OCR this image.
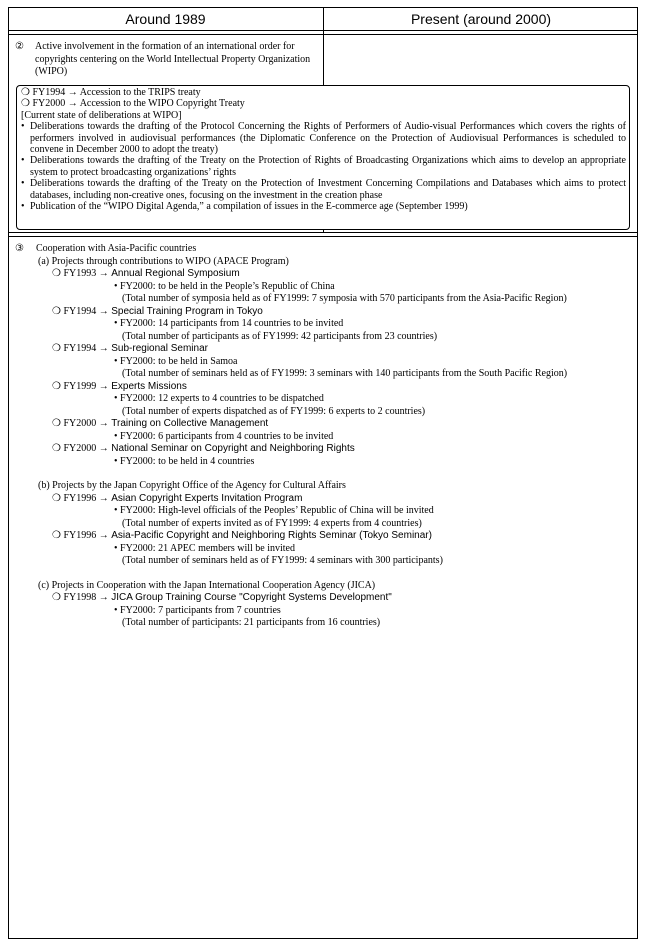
Around 1989	Present (around 2000)
② Active involvement in the formation of an international order for copyrights centering on the World Intellectual Property Organization (WIPO)
❍ FY1994 → Accession to the TRIPS treaty
❍ FY2000 → Accession to the WIPO Copyright Treaty
[Current state of deliberations at WIPO]
• Deliberations towards the drafting of the Protocol Concerning the Rights of Performers of Audio-visual Performances which covers the rights of performers involved in audiovisual performances (the Diplomatic Conference on the Protection of Audiovisual Performances is scheduled to convene in December 2000 to adopt the treaty)
• Deliberations towards the drafting of the Treaty on the Protection of Rights of Broadcasting Organizations which aims to develop an appropriate system to protect broadcasting organizations’ rights
• Deliberations towards the drafting of the Treaty on the Protection of Investment Concerning Compilations and Databases which aims to protect databases, including non-creative ones, focusing on the investment in the creation phase
• Publication of the “WIPO Digital Agenda,” a compilation of issues in the E-commerce age (September 1999)
③	Cooperation with Asia-Pacific countries
(a) Projects through contributions to WIPO (APACE Program)
❍ FY1993 → Annual Regional Symposium
• FY2000: to be held in the People’s Republic of China
(Total number of symposia held as of FY1999: 7 symposia with 570 participants from the Asia-Pacific Region)
❍ FY1994 → Special Training Program in Tokyo
• FY2000: 14 participants from 14 countries to be invited
(Total number of participants as of FY1999: 42 participants from 23 countries)
❍ FY1994 → Sub-regional Seminar
• FY2000: to be held in Samoa
(Total number of seminars held as of FY1999: 3 seminars with 140 participants from the South Pacific Region)
❍ FY1999 → Experts Missions
• FY2000: 12 experts to 4 countries to be dispatched
(Total number of experts dispatched as of FY1999: 6 experts to 2 countries)
❍ FY2000 → Training on Collective Management
• FY2000: 6 participants from 4 countries to be invited
❍ FY2000 → National Seminar on Copyright and Neighboring Rights
• FY2000: to be held in 4 countries
(b) Projects by the Japan Copyright Office of the Agency for Cultural Affairs
❍ FY1996 → Asian Copyright Experts Invitation Program
• FY2000: High-level officials of the Peoples’ Republic of China will be invited
(Total number of experts invited as of FY1999: 4 experts from 4 countries)
❍ FY1996 → Asia-Pacific Copyright and Neighboring Rights Seminar (Tokyo Seminar)
• FY2000: 21 APEC members will be invited
(Total number of seminars held as of FY1999: 4 seminars with 300 participants)
(c) Projects in Cooperation with the Japan International Cooperation Agency (JICA)
❍ FY1998 → JICA Group Training Course "Copyright Systems Development"
• FY2000: 7 participants from 7 countries
(Total number of participants: 21 participants from 16 countries)
